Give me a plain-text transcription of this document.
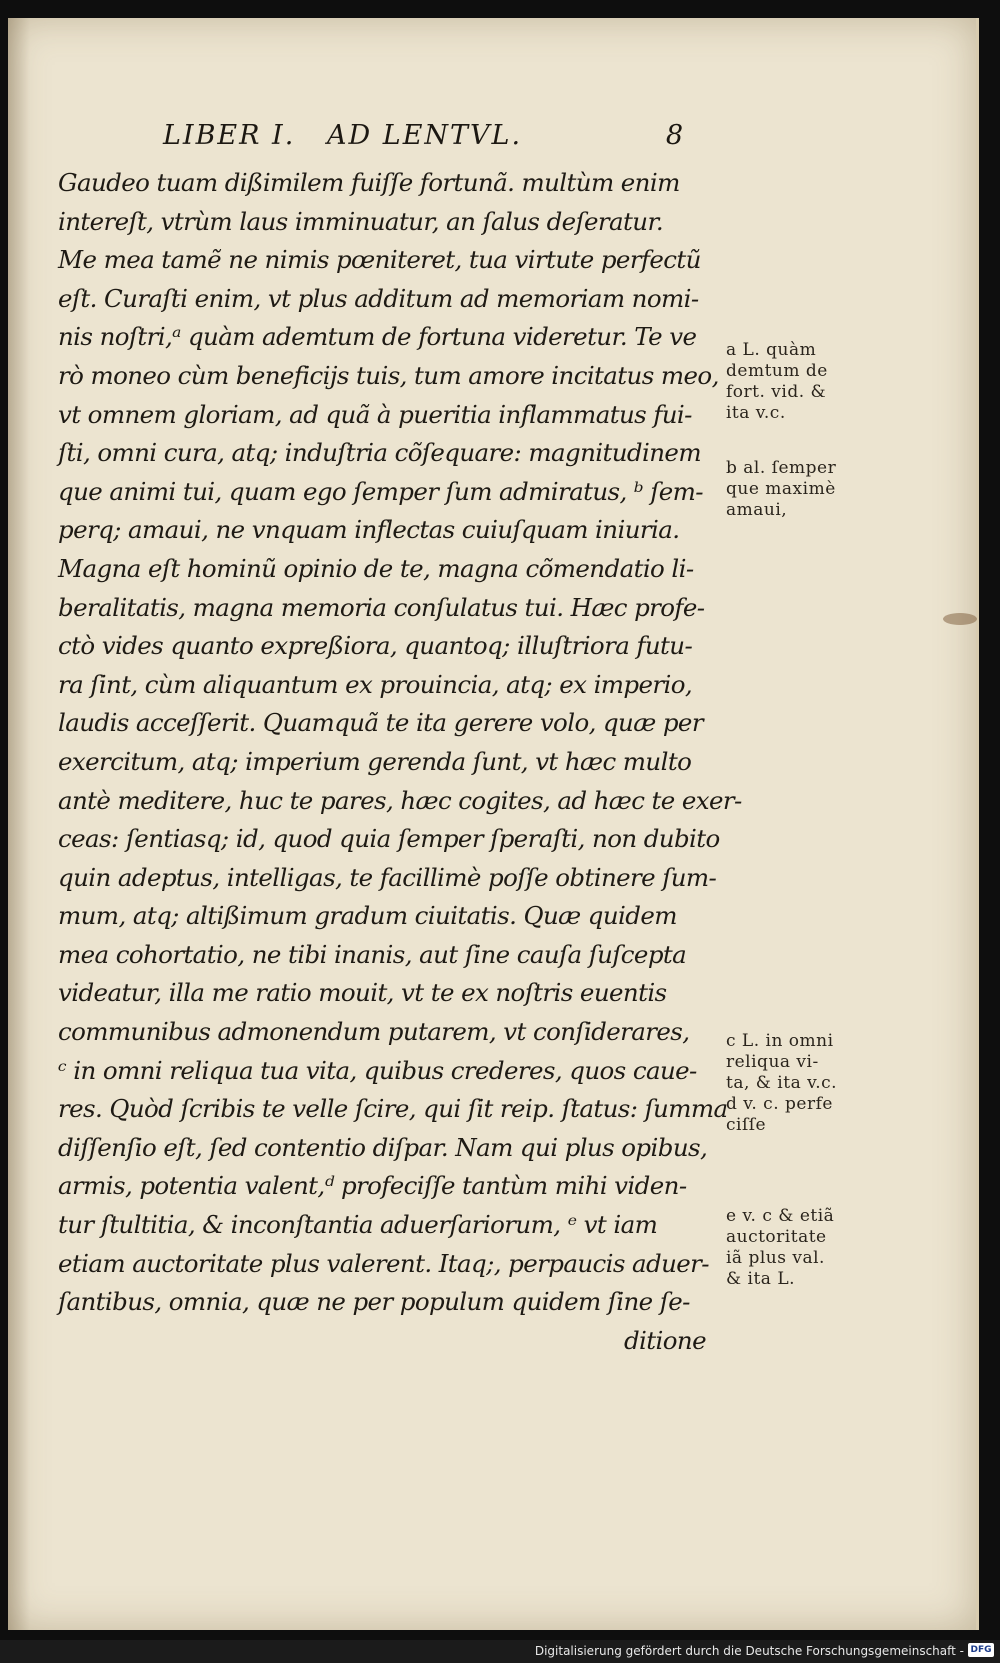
LIBER I.   AD LENTVL.	8
Gaudeo tuam dißimilem fuiſſe fortunã. multùm enim
intereſt, vtrùm laus imminuatur, an ſalus deſeratur.
Me mea tamẽ ne nimis pœniteret, tua virtute perfectũ
eſt. Curaſti enim, vt plus additum ad memoriam nomi-
nis noſtri,ᵃ quàm ademtum de fortuna videretur. Te ve
rò moneo cùm beneficijs tuis, tum amore incitatus meo,
vt omnem gloriam, ad quã à pueritia inflammatus fui-
ſti, omni cura, atq; induſtria cõſequare: magnitudinem
que animi tui, quam ego ſemper ſum admiratus, ᵇ ſem-
perq; amaui, ne vnquam inflectas cuiuſquam iniuria.
Magna eſt hominũ opinio de te, magna cõmendatio li-
beralitatis, magna memoria conſulatus tui. Hæc profe-
ctò vides quanto expreßiora, quantoq; illuſtriora futu-
ra ſint, cùm aliquantum ex prouincia, atq; ex imperio,
laudis acceſſerit. Quamquã te ita gerere volo, quæ per
exercitum, atq; imperium gerenda ſunt, vt hæc multo
antè meditere, huc te pares, hæc cogites, ad hæc te exer-
ceas: ſentiasq; id, quod quia ſemper ſperaſti, non dubito
quin adeptus, intelligas, te facillimè poſſe obtinere ſum-
mum, atq; altißimum gradum ciuitatis. Quæ quidem
mea cohortatio, ne tibi inanis, aut ſine cauſa ſuſcepta
videatur, illa me ratio mouit, vt te ex noſtris euentis
communibus admonendum putarem, vt conſiderares,
ᶜ in omni reliqua tua vita, quibus crederes, quos caue-
res. Quòd ſcribis te velle ſcire, qui ſit reip. ſtatus: ſumma
diſſenſio eſt, ſed contentio diſpar. Nam qui plus opibus,
armis, potentia valent,ᵈ profeciſſe tantùm mihi viden-
tur ſtultitia, & inconſtantia aduerſariorum, ᵉ vt iam
etiam auctoritate plus valerent. Itaq;, perpaucis aduer-
ſantibus, omnia, quæ ne per populum quidem ſine ſe-
ditione
a L. quàm
demtum de
fort. vid. &
ita v.c.
b al. ſemper
que maximè
amaui,
c L. in omni
reliqua vi-
ta, & ita v.c.
d v. c. perfe
ciſſe
e v. c & etiã
auctoritate
iã plus val.
& ita L.
Digitalisierung gefördert durch die Deutsche Forschungsgemeinschaft - DFG
